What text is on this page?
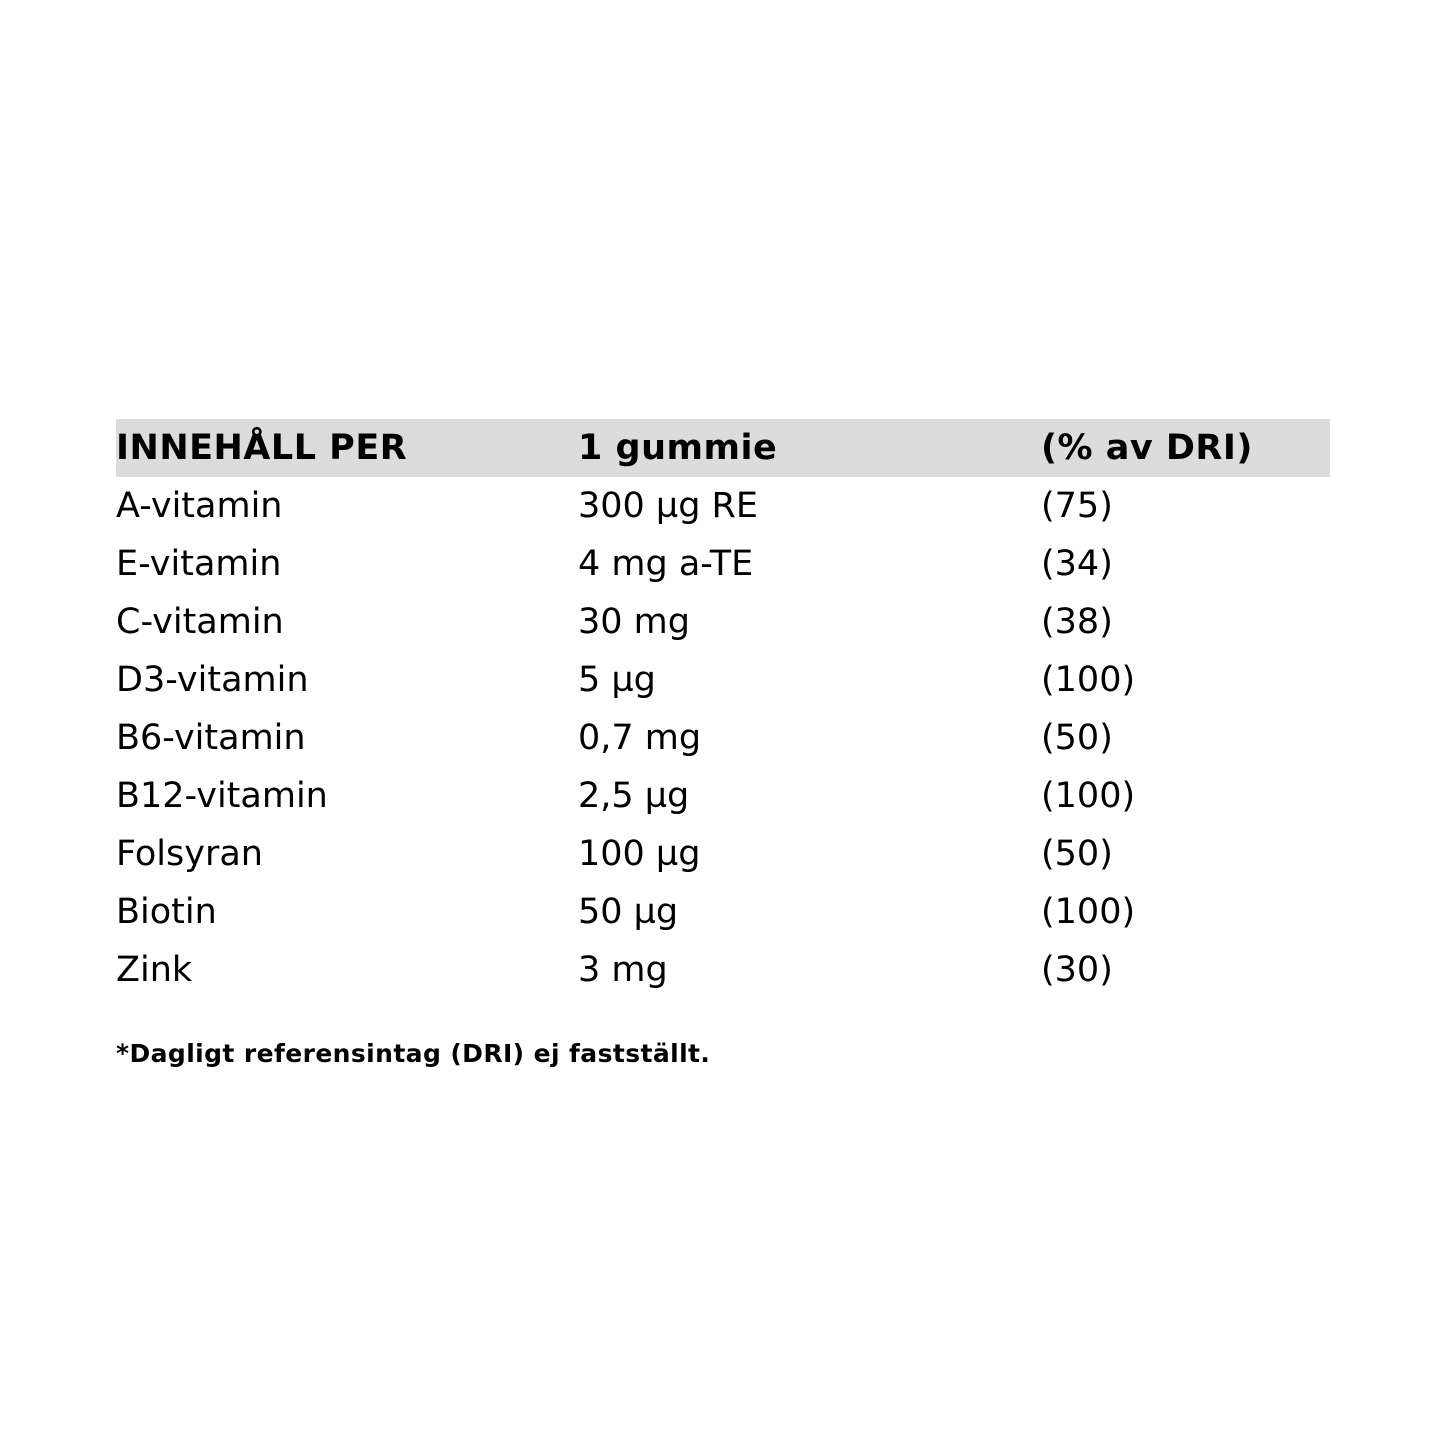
INNEHÅLL PER	1 gummie	(% av DRI)
A-vitamin	300 µg RE	(75)
E-vitamin	4 mg a-TE	(34)
C-vitamin	30 mg	(38)
D3-vitamin	5 µg	(100)
B6-vitamin	0,7 mg	(50)
B12-vitamin	2,5 µg	(100)
Folsyran	100 µg	(50)
Biotin	50 µg	(100)
Zink	3 mg	(30)
*Dagligt referensintag (DRI) ej fastställt.
